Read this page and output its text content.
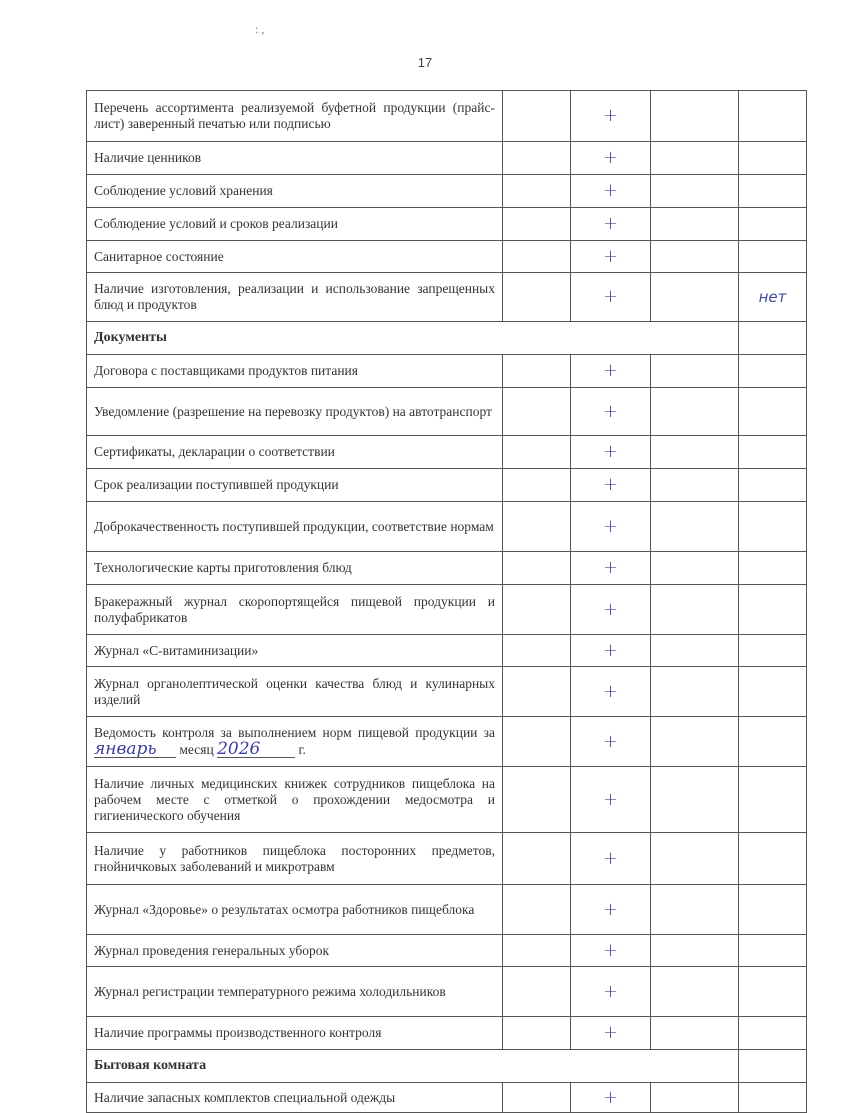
: ,
17
Перечень ассортимента реализуемой буфетной продукции (прайс-лист) заверенный печатью или подписью		+		
Наличие ценников		+		
Соблюдение условий хранения		+		
Соблюдение условий и сроков реализации		+		
Санитарное состояние		+		
Наличие изготовления, реализации и использование запрещенных блюд и продуктов		+		нет
Документы				
Договора с поставщиками продуктов питания		+		
Уведомление (разрешение на перевозку продуктов) на автотранспорт		+		
Сертификаты, декларации о соответствии		+		
Срок реализации поступившей продукции		+		
Доброкачественность поступившей продукции, соответствие нормам		+		
Технологические карты приготовления блюд		+		
Бракеражный журнал скоропортящейся пищевой продукции и полуфабрикатов		+		
Журнал «С-витаминизации»		+		
Журнал органолептической оценки качества блюд и кулинарных изделий		+		
Ведомость контроля за выполнением норм пищевой продукции за январь месяц 2026 г.		+		
Наличие личных медицинских книжек сотрудников пищеблока на рабочем месте с отметкой о прохождении медосмотра и гигиенического обучения		+		
Наличие у работников пищеблока посторонних предметов, гнойничковых заболеваний и микротравм		+		
Журнал «Здоровье» о результатах осмотра работников пищеблока		+		
Журнал проведения генеральных уборок		+		
Журнал регистрации температурного режима холодильников		+		
Наличие программы производственного контроля		+		
Бытовая комната				
Наличие запасных комплектов специальной одежды		+		
